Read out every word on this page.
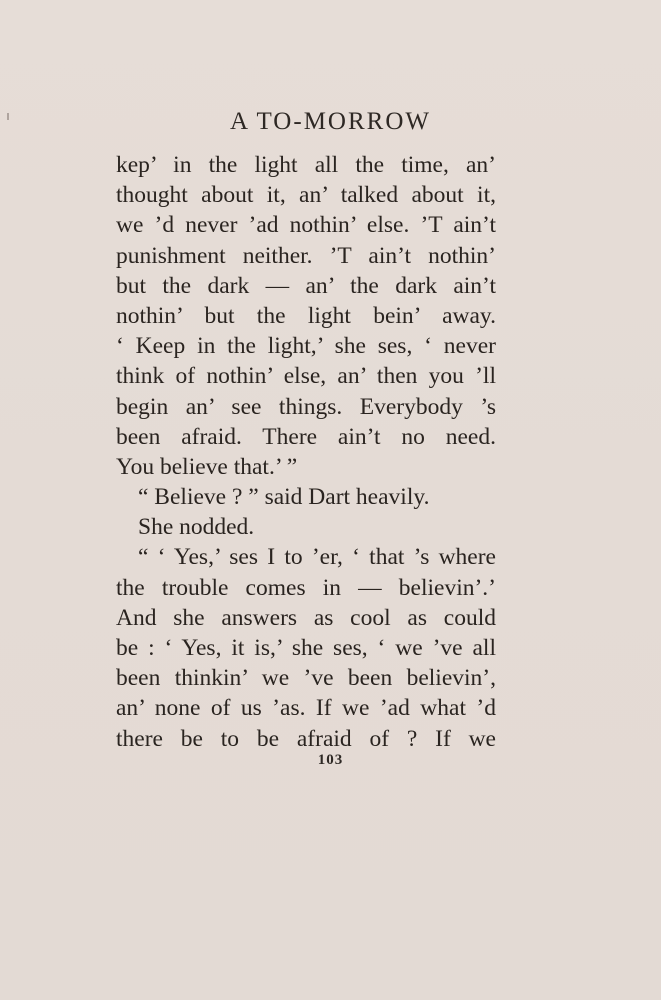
A TO-MORROW
kep’ in the light all the time, an’
thought about it, an’ talked about it,
we ’d never ’ad nothin’ else. ’T ain’t
punishment neither. ’T ain’t nothin’
but the dark — an’ the dark ain’t
nothin’ but the light bein’ away.
‘ Keep in the light,’ she ses, ‘ never
think of nothin’ else, an’ then you ’ll
begin an’ see things. Everybody ’s
been afraid. There ain’t no need.
You believe that.’ ”
“ Believe ? ” said Dart heavily.
She nodded.
“ ‘ Yes,’ ses I to ’er, ‘ that ’s where
the trouble comes in — believin’.’
And she answers as cool as could
be : ‘ Yes, it is,’ she ses, ‘ we ’ve all
been thinkin’ we ’ve been believin’,
an’ none of us ’as. If we ’ad what ’d
there be to be afraid of ? If we
103
